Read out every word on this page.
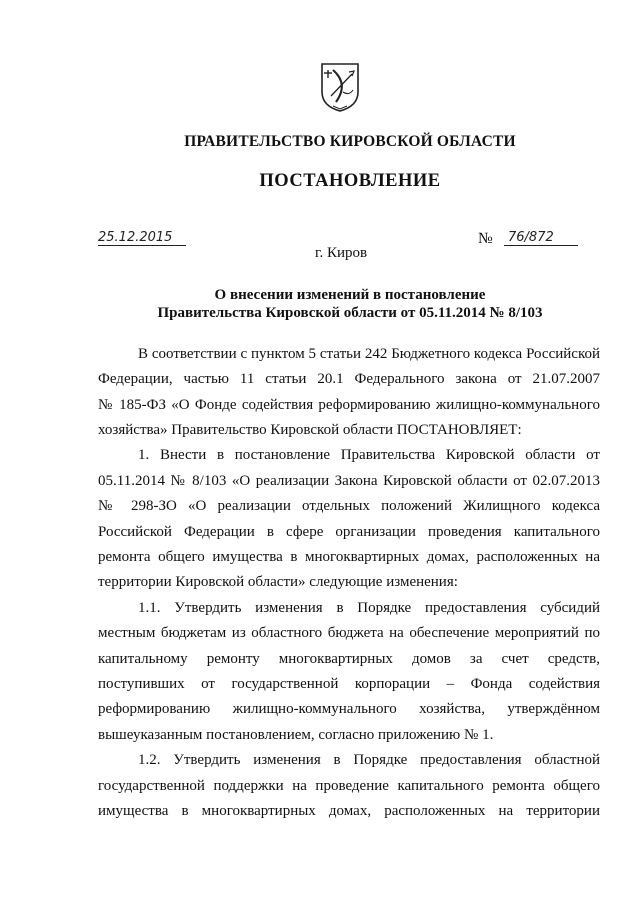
ПРАВИТЕЛЬСТВО КИРОВСКОЙ ОБЛАСТИ
ПОСТАНОВЛЕНИЕ
25.12.2015	№	76/872
г. Киров
О внесении изменений в постановление
Правительства Кировской области от 05.11.2014 № 8/103
В соответствии с пунктом 5 статьи 242 Бюджетного кодекса Российской
Федерации, частью 11 статьи 20.1 Федерального закона от 21.07.2007
№ 185-ФЗ «О Фонде содействия реформированию жилищно-коммунального
хозяйства» Правительство Кировской области ПОСТАНОВЛЯЕТ:
1. Внести в постановление Правительства Кировской области от
05.11.2014 № 8/103 «О реализации Закона Кировской области от 02.07.2013
№ 298-ЗО «О реализации отдельных положений Жилищного кодекса
Российской Федерации в сфере организации проведения капитального
ремонта общего имущества в многоквартирных домах, расположенных на
территории Кировской области» следующие изменения:
1.1. Утвердить изменения в Порядке предоставления субсидий
местным бюджетам из областного бюджета на обеспечение мероприятий по
капитальному ремонту многоквартирных домов за счет средств,
поступивших от государственной корпорации – Фонда содействия
реформированию жилищно-коммунального хозяйства, утверждённом
вышеуказанным постановлением, согласно приложению № 1.
1.2. Утвердить изменения в Порядке предоставления областной
государственной поддержки на проведение капитального ремонта общего
имущества в многоквартирных домах, расположенных на территории
